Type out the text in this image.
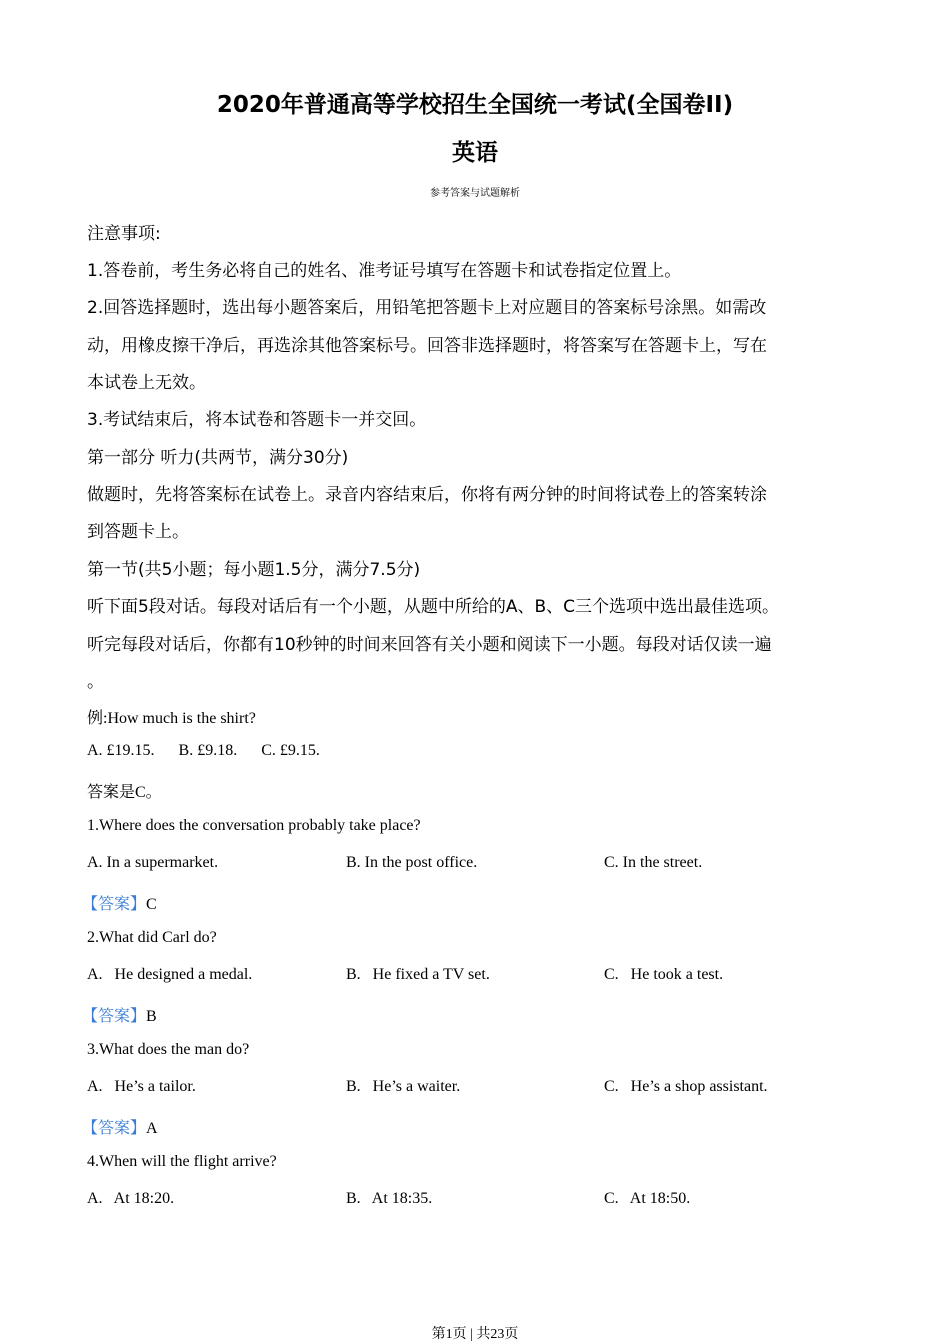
2020年普通高等学校招生全国统一考试(全国卷II)
英语
参考答案与试题解析
注意事项:
1.答卷前，考生务必将自己的姓名、准考证号填写在答题卡和试卷指定位置上。
2.回答选择题时，选出每小题答案后，用铅笔把答题卡上对应题目的答案标号涂黑。如需改
动，用橡皮擦干净后，再选涂其他答案标号。回答非选择题时，将答案写在答题卡上，写在
本试卷上无效。
3.考试结束后，将本试卷和答题卡一并交回。
第一部分 听力(共两节，满分30分)
做题时，先将答案标在试卷上。录音内容结束后，你将有两分钟的时间将试卷上的答案转涂
到答题卡上。
第一节(共5小题；每小题1.5分，满分7.5分)
听下面5段对话。每段对话后有一个小题，从题中所给的A、B、C三个选项中选出最佳选项。
听完每段对话后，你都有10秒钟的时间来回答有关小题和阅读下一小题。每段对话仅读一遍
。
例:How much is the shirt?
A. £19.15.      B. £9.18.      C. £9.15.
答案是C。
1.Where does the conversation probably take place?
A. In a supermarket.	B. In the post office.	C. In the street.
【答案】C
2.What did Carl do?
A.   He designed a medal.	B.   He fixed a TV set.	C.   He took a test.
【答案】B
3.What does the man do?
A.   He’s a tailor.	B.   He’s a waiter.	C.   He’s a shop assistant.
【答案】A
4.When will the flight arrive?
A.   At 18:20.	B.   At 18:35.	C.   At 18:50.
第1页 | 共23页
